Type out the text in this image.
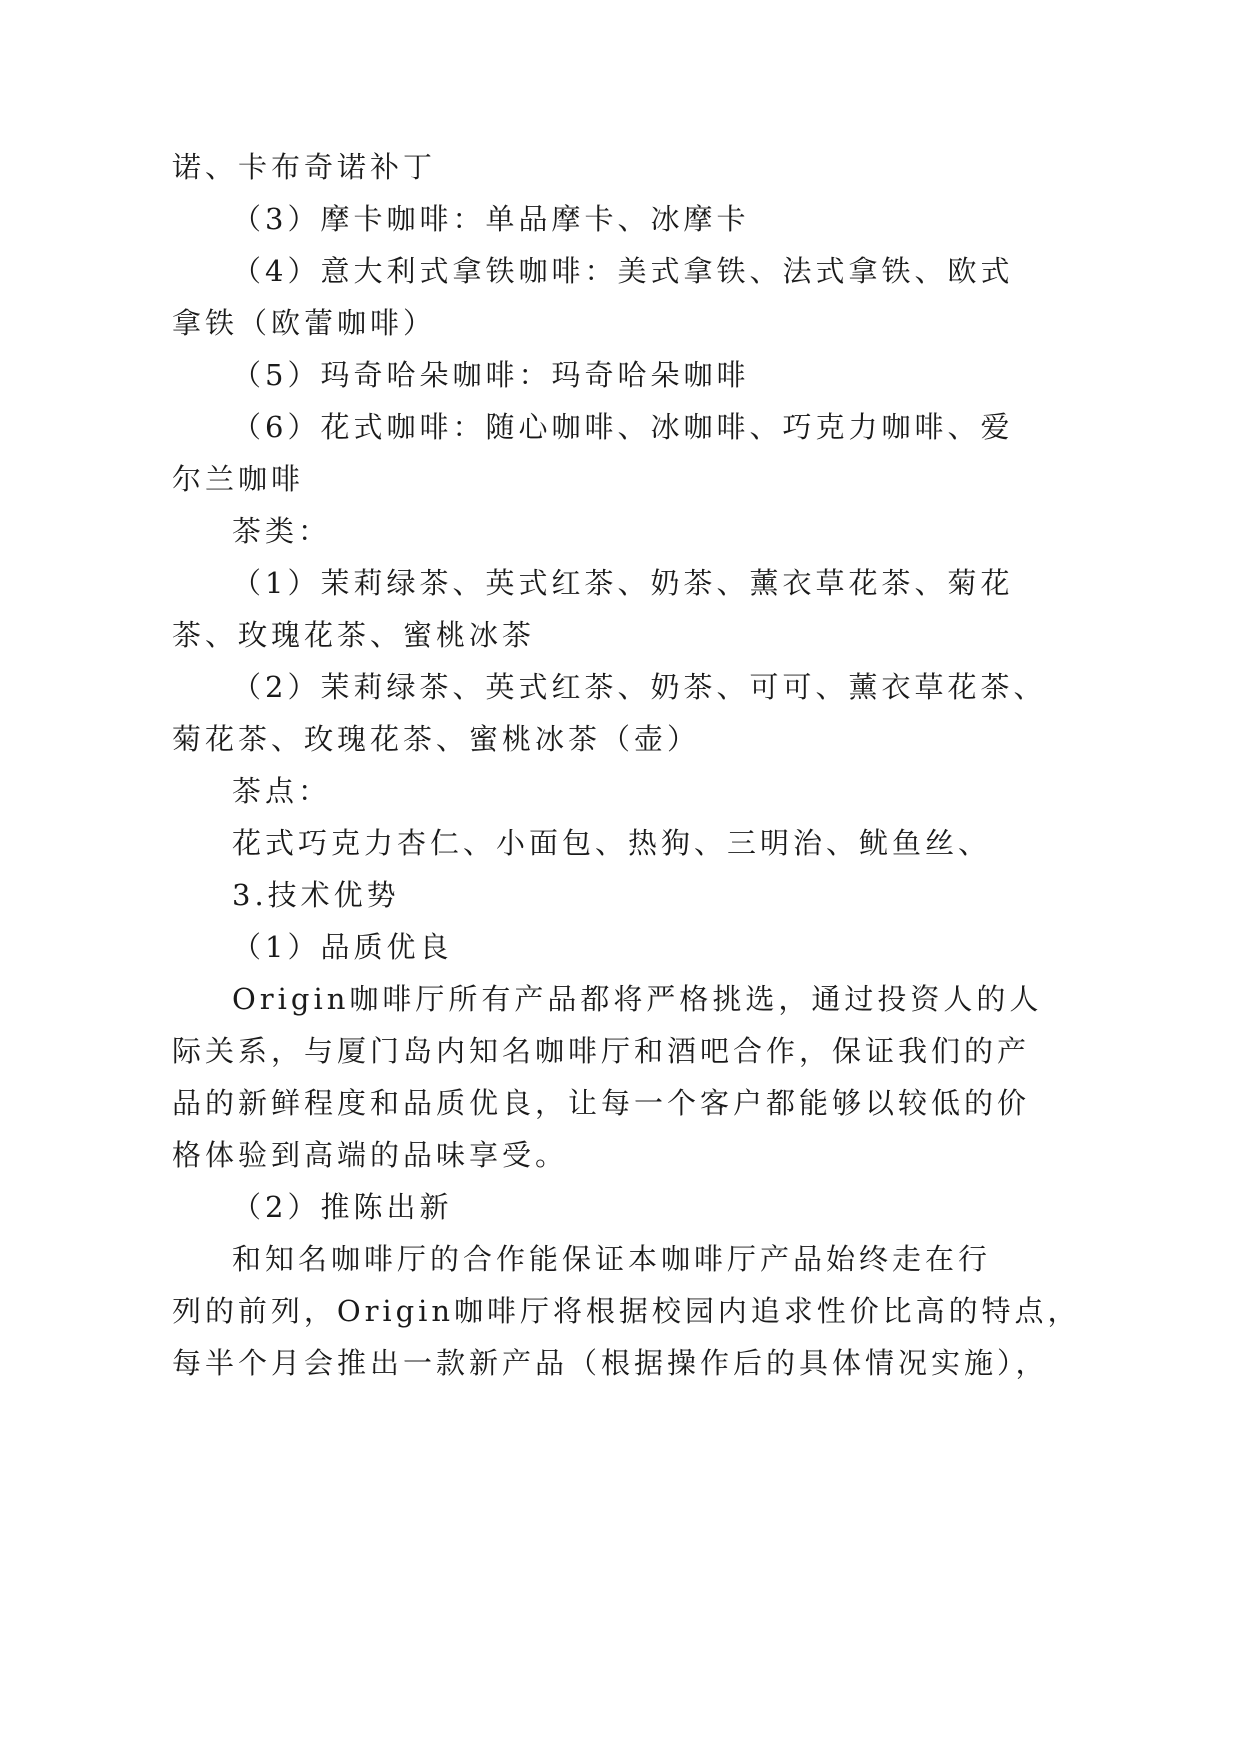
诺、卡布奇诺补丁
（3）摩卡咖啡：单品摩卡、冰摩卡
（4）意大利式拿铁咖啡：美式拿铁、法式拿铁、欧式
拿铁（欧蕾咖啡）
（5）玛奇哈朵咖啡：玛奇哈朵咖啡
（6）花式咖啡：随心咖啡、冰咖啡、巧克力咖啡、爱
尔兰咖啡
茶类：
（1）茉莉绿茶、英式红茶、奶茶、薰衣草花茶、菊花
茶、玫瑰花茶、蜜桃冰茶
（2）茉莉绿茶、英式红茶、奶茶、可可、薰衣草花茶、
菊花茶、玫瑰花茶、蜜桃冰茶（壶）
茶点：
花式巧克力杏仁、小面包、热狗、三明治、鱿鱼丝、
3.技术优势
（1）品质优良
Origin咖啡厅所有产品都将严格挑选，通过投资人的人
际关系，与厦门岛内知名咖啡厅和酒吧合作，保证我们的产
品的新鲜程度和品质优良，让每一个客户都能够以较低的价
格体验到高端的品味享受。
（2）推陈出新
和知名咖啡厅的合作能保证本咖啡厅产品始终走在行
列的前列，Origin咖啡厅将根据校园内追求性价比高的特点，
每半个月会推出一款新产品（根据操作后的具体情况实施），
